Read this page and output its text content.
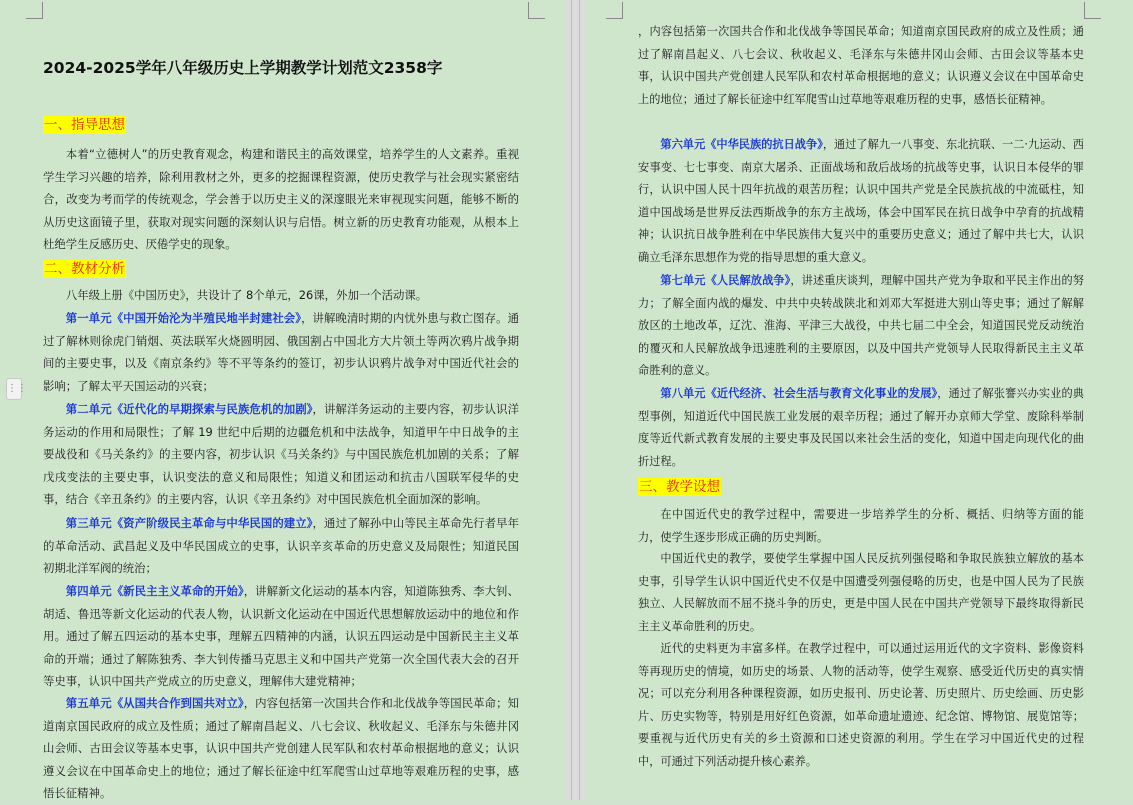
2024-2025学年八年级历史上学期教学计划范文2358字
一、指导思想

本着“立德树人”的历史教育观念，构建和谐民主的高效课堂，培养学生的人文素养。重视学生学习兴趣的培养，除利用教材之外，更多的挖掘课程资源，使历史教学与社会现实紧密结合，改变为考而学的传统观念，学会善于以历史主义的深邃眼光来审视现实问题，能够不断的从历史这面镜子里，获取对现实问题的深刻认识与启悟。树立新的历史教育功能观，从根本上杜绝学生反感历史、厌倦学史的现象。

二、教材分析

八年级上册《中国历史》，共设计了 8个单元，26课，外加一个活动课。

第一单元《中国开始沦为半殖民地半封建社会》，讲解晚清时期的内忧外患与救亡图存。通过了解林则徐虎门销烟、英法联军火烧圆明园、俄国割占中国北方大片领土等两次鸦片战争期间的主要史事，以及《南京条约》等不平等条约的签订，初步认识鸦片战争对中国近代社会的影响；了解太平天国运动的兴衰；

第二单元《近代化的早期探索与民族危机的加剧》，讲解洋务运动的主要内容，初步认识洋务运动的作用和局限性；了解 19 世纪中后期的边疆危机和中法战争，知道甲午中日战争的主要战役和《马关条约》的主要内容，初步认识《马关条约》与中国民族危机加剧的关系；了解戊戌变法的主要史事，认识变法的意义和局限性；知道义和团运动和抗击八国联军侵华的史事，结合《辛丑条约》的主要内容，认识《辛丑条约》对中国民族危机全面加深的影响。

第三单元《资产阶级民主革命与中华民国的建立》，通过了解孙中山等民主革命先行者早年的革命活动、武昌起义及中华民国成立的史事，认识辛亥革命的历史意义及局限性；知道民国初期北洋军阀的统治；

第四单元《新民主主义革命的开始》，讲解新文化运动的基本内容，知道陈独秀、李大钊、胡适、鲁迅等新文化运动的代表人物，认识新文化运动在中国近代思想解放运动中的地位和作用。通过了解五四运动的基本史事，理解五四精神的内涵，认识五四运动是中国新民主主义革命的开端；通过了解陈独秀、李大钊传播马克思主义和中国共产党第一次全国代表大会的召开等史事，认识中国共产党成立的历史意义，理解伟大建党精神；

第五单元《从国共合作到国共对立》，内容包括第一次国共合作和北伐战争等国民革命；知道南京国民政府的成立及性质；通过了解南昌起义、八七会议、秋收起义、毛泽东与朱德井冈山会师、古田会议等基本史事，认识中国共产党创建人民军队和农村革命根据地的意义；认识遵义会议在中国革命史上的地位；通过了解长征途中红军爬雪山过草地等艰难历程的史事，感悟长征精神。

⋮⋮

，内容包括第一次国共合作和北伐战争等国民革命；知道南京国民政府的成立及性质；通过了解南昌起义、八七会议、秋收起义、毛泽东与朱德井冈山会师、古田会议等基本史事，认识中国共产党创建人民军队和农村革命根据地的意义；认识遵义会议在中国革命史上的地位；通过了解长征途中红军爬雪山过草地等艰难历程的史事，感悟长征精神。

第六单元《中华民族的抗日战争》，通过了解九一八事变、东北抗联、一二·九运动、西安事变、七七事变、南京大屠杀、正面战场和敌后战场的抗战等史事，认识日本侵华的罪行，认识中国人民十四年抗战的艰苦历程；认识中国共产党是全民族抗战的中流砥柱，知道中国战场是世界反法西斯战争的东方主战场，体会中国军民在抗日战争中孕育的抗战精神；认识抗日战争胜利在中华民族伟大复兴中的重要历史意义；通过了解中共七大，认识确立毛泽东思想作为党的指导思想的重大意义。

第七单元《人民解放战争》，讲述重庆谈判，理解中国共产党为争取和平民主作出的努力；了解全面内战的爆发、中共中央转战陕北和刘邓大军挺进大别山等史事；通过了解解放区的土地改革，辽沈、淮海、平津三大战役，中共七届二中全会，知道国民党反动统治的覆灭和人民解放战争迅速胜利的主要原因，以及中国共产党领导人民取得新民主主义革命胜利的意义。

第八单元《近代经济、社会生活与教育文化事业的发展》，通过了解张謇兴办实业的典型事例，知道近代中国民族工业发展的艰辛历程；通过了解开办京师大学堂、废除科举制度等近代新式教育发展的主要史事及民国以来社会生活的变化，知道中国走向现代化的曲折过程。

三、教学设想

在中国近代史的教学过程中，需要进一步培养学生的分析、概括、归纳等方面的能力，使学生逐步形成正确的历史判断。

中国近代史的教学，要使学生掌握中国人民反抗列强侵略和争取民族独立解放的基本史事，引导学生认识中国近代史不仅是中国遭受列强侵略的历史，也是中国人民为了民族独立、人民解放而不屈不挠斗争的历史，更是中国人民在中国共产党领导下最终取得新民主主义革命胜利的历史。

近代的史料更为丰富多样。在教学过程中，可以通过运用近代的文字资料、影像资料等再现历史的情境，如历史的场景、人物的活动等，使学生观察、感受近代历史的真实情况；可以充分利用各种课程资源，如历史报刊、历史论著、历史照片、历史绘画、历史影片、历史实物等，特别是用好红色资源，如革命遗址遗迹、纪念馆、博物馆、展览馆等；要重视与近代历史有关的乡土资源和口述史资源的利用。学生在学习中国近代史的过程中，可通过下列活动提升核心素养。
